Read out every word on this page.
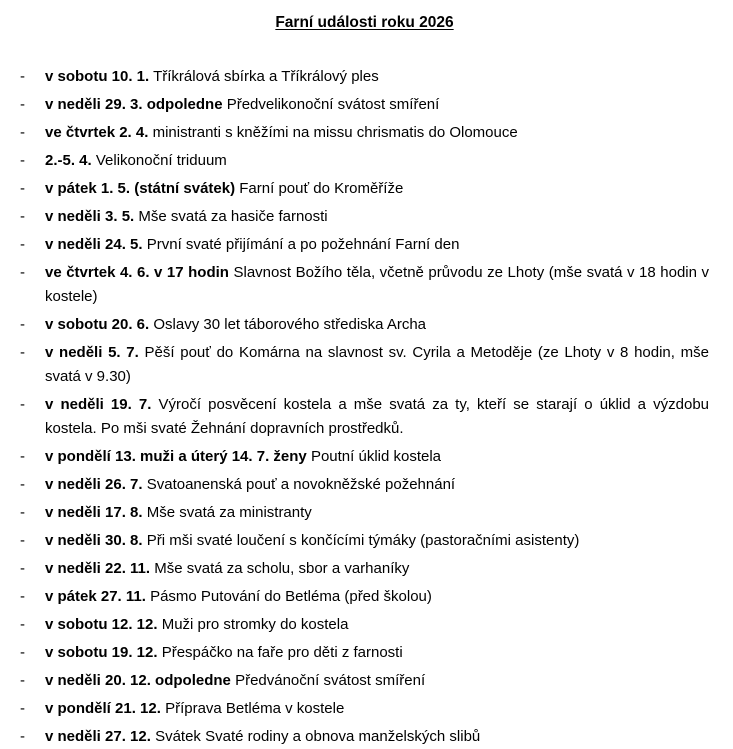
Farní události roku 2026
- v sobotu 10. 1. Tříkrálová sbírka a Tříkrálový ples

- v neděli 29. 3. odpoledne Předvelikonoční svátost smíření

- ve čtvrtek 2. 4. ministranti s kněžími na missu chrismatis do Olomouce

- 2.-5. 4. Velikonoční triduum

- v pátek 1. 5. (státní svátek) Farní pouť do Kroměříže

- v neděli 3. 5. Mše svatá za hasiče farnosti

- v neděli 24. 5. První svaté přijímání a po požehnání Farní den

- ve čtvrtek 4. 6. v 17 hodin Slavnost Božího těla, včetně průvodu ze Lhoty (mše svatá v 18 hodin v kostele)

- v sobotu 20. 6. Oslavy 30 let táborového střediska Archa

- v neděli 5. 7. Pěší pouť do Komárna na slavnost sv. Cyrila a Metoděje (ze Lhoty v 8 hodin, mše svatá v 9.30)

- v neděli 19. 7. Výročí posvěcení kostela a mše svatá za ty, kteří se starají o úklid a výzdobu kostela. Po mši svaté Žehnání dopravních prostředků.

- v pondělí 13. muži a úterý 14. 7. ženy Poutní úklid kostela

- v neděli 26. 7. Svatoanenská pouť a novokněžské požehnání

- v neděli 17. 8. Mše svatá za ministranty

- v neděli 30. 8. Při mši svaté loučení s končícími týmáky (pastoračními asistenty)

- v neděli 22. 11. Mše svatá za scholu, sbor a varhaníky

- v pátek 27. 11. Pásmo Putování do Betléma (před školou)

- v sobotu 12. 12. Muži pro stromky do kostela

- v sobotu 19. 12. Přespáčko na faře pro děti z farnosti

- v neděli 20. 12. odpoledne Předvánoční svátost smíření

- v pondělí 21. 12. Příprava Betléma v kostele

- v neděli 27. 12. Svátek Svaté rodiny a obnova manželských slibů
